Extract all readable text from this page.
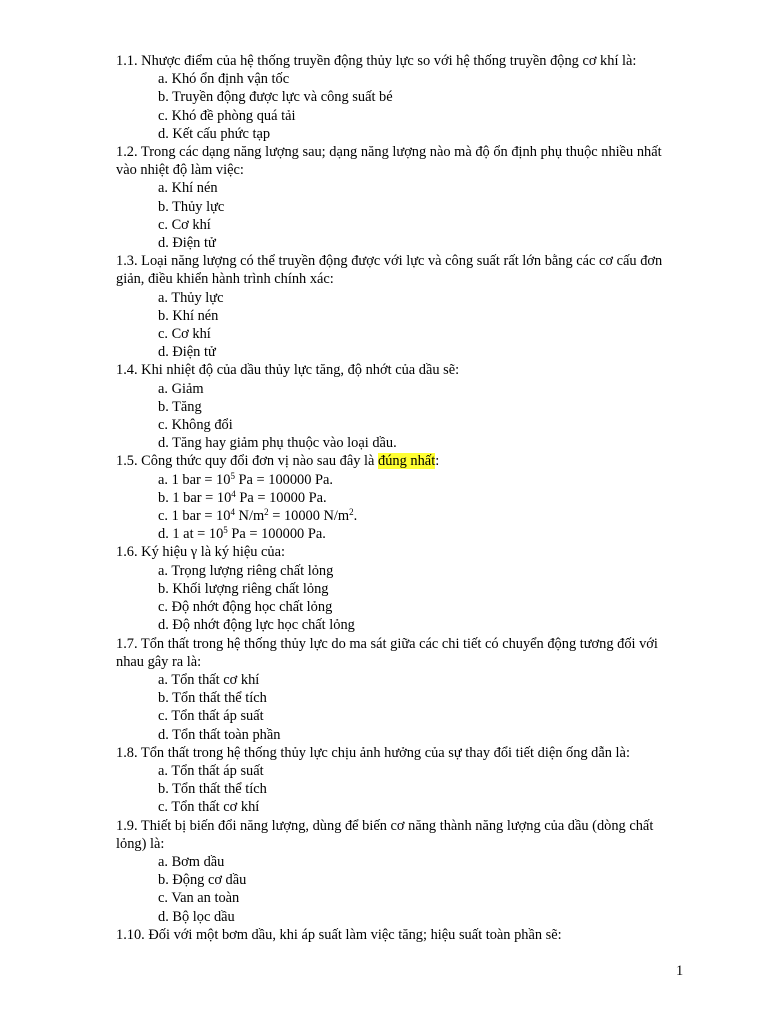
1.1. Nhược điểm của hệ thống truyền động thủy lực so với hệ thống truyền động cơ khí là:
a. Khó ổn định vận tốc
b. Truyền động được lực và công suất bé
c. Khó đề phòng quá tải
d. Kết cấu phức tạp
1.2. Trong các dạng năng lượng sau; dạng năng lượng nào mà độ ổn định phụ thuộc nhiều nhất vào nhiệt độ làm việc:
a. Khí nén
b. Thủy lực
c. Cơ khí
d. Điện tử
1.3. Loại năng lượng có thể truyền động được với lực và công suất rất lớn bằng các cơ cấu đơn giản, điều khiển hành trình chính xác:
a. Thủy lực
b. Khí nén
c. Cơ khí
d. Điện tử
1.4. Khi nhiệt độ của dầu thủy lực tăng, độ nhớt của dầu sẽ:
a. Giảm
b. Tăng
c. Không đổi
d. Tăng hay giảm phụ thuộc vào loại dầu.
1.5. Công thức quy đổi đơn vị nào sau đây là đúng nhất:
a. 1 bar = $10^5$ Pa = 100000 Pa.
b. 1 bar = $10^4$ Pa = 10000 Pa.
c. 1 bar = $10^4$ $N/m^2 = 10000$ $N/m^2$.
d. 1 at = $10^5$ Pa = 100000 Pa.
1.6. Ký hiệu γ là ký hiệu của:
a. Trọng lượng riêng chất lỏng
b. Khối lượng riêng chất lỏng
c. Độ nhớt động học chất lỏng
d. Độ nhớt động lực học chất lỏng
1.7. Tổn thất trong hệ thống thủy lực do ma sát giữa các chi tiết có chuyển động tương đối với nhau gây ra là:
a. Tổn thất cơ khí
b. Tổn thất thể tích
c. Tổn thất áp suất
d. Tổn thất toàn phần
1.8. Tổn thất trong hệ thống thủy lực chịu ảnh hưởng của sự thay đổi tiết diện ống dẫn là:
a. Tổn thất áp suất
b. Tổn thất thể tích
c. Tổn thất cơ khí
1.9. Thiết bị biến đổi năng lượng, dùng để biến cơ năng thành năng lượng của dầu (dòng chất lỏng) là:
a. Bơm dầu
b. Động cơ dầu
c. Van an toàn
d. Bộ lọc dầu
1.10. Đối với một bơm dầu, khi áp suất làm việc tăng; hiệu suất toàn phần sẽ:
1
